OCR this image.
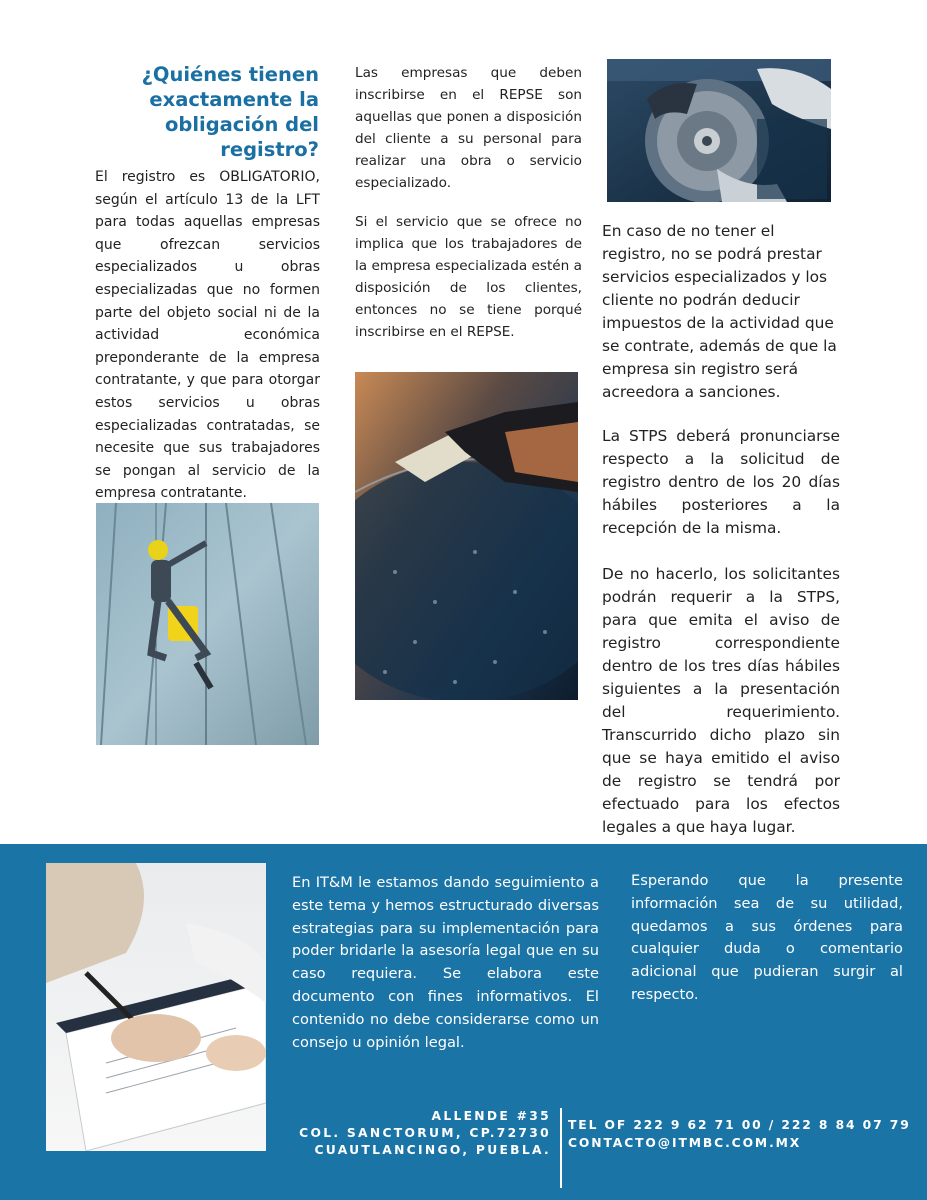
¿Quiénes tienen
exactamente la
obligación del registro?

El registro es OBLIGATORIO, según el artículo 13 de la LFT para todas aquellas empresas que ofrezcan servicios especializados u obras especializadas que no formen parte del objeto social ni de la actividad económica preponderante de la empresa contratante, y que para otorgar estos servicios u obras especializadas contratadas, se necesite que sus trabajadores se pongan al servicio de la empresa contratante.

Las empresas que deben inscribirse en el REPSE son aquellas que ponen a disposición del cliente a su personal para realizar una obra o servicio especializado.

Si el servicio que se ofrece no implica que los trabajadores de la empresa especializada estén a disposición de los clientes, entonces no se tiene porqué inscribirse en el REPSE.

En caso de no tener el registro, no se podrá prestar servicios especializados y los cliente no podrán deducir impuestos de la actividad que se contrate, además de que la empresa sin registro será acreedora a sanciones.

La STPS deberá pronunciarse respecto a la solicitud de registro dentro de los 20 días hábiles posteriores a la recepción de la misma.

De no hacerlo, los solicitantes podrán requerir a la STPS, para que emita el aviso de registro correspondiente dentro de los tres días hábiles siguientes a la presentación del requerimiento. Transcurrido dicho plazo sin que se haya emitido el aviso de registro se tendrá por efectuado para los efectos legales a que haya lugar.

En IT&M le estamos dando seguimiento a este tema y hemos estructurado diversas estrategias para su implementación para poder bridarle la asesoría legal que en su caso requiera. Se elabora este documento con fines informativos. El contenido no debe considerarse como un consejo u opinión legal.

Esperando que la presente información sea de su utilidad, quedamos a sus órdenes para cualquier duda o comentario adicional que pudieran surgir al respecto.

ALLENDE #35
COL. SANCTORUM, CP.72730
CUAUTLANCINGO, PUEBLA.
TEL OF 222 9 62 71 00 / 222 8 84 07 79
CONTACTO@ITMBC.COM.MX
